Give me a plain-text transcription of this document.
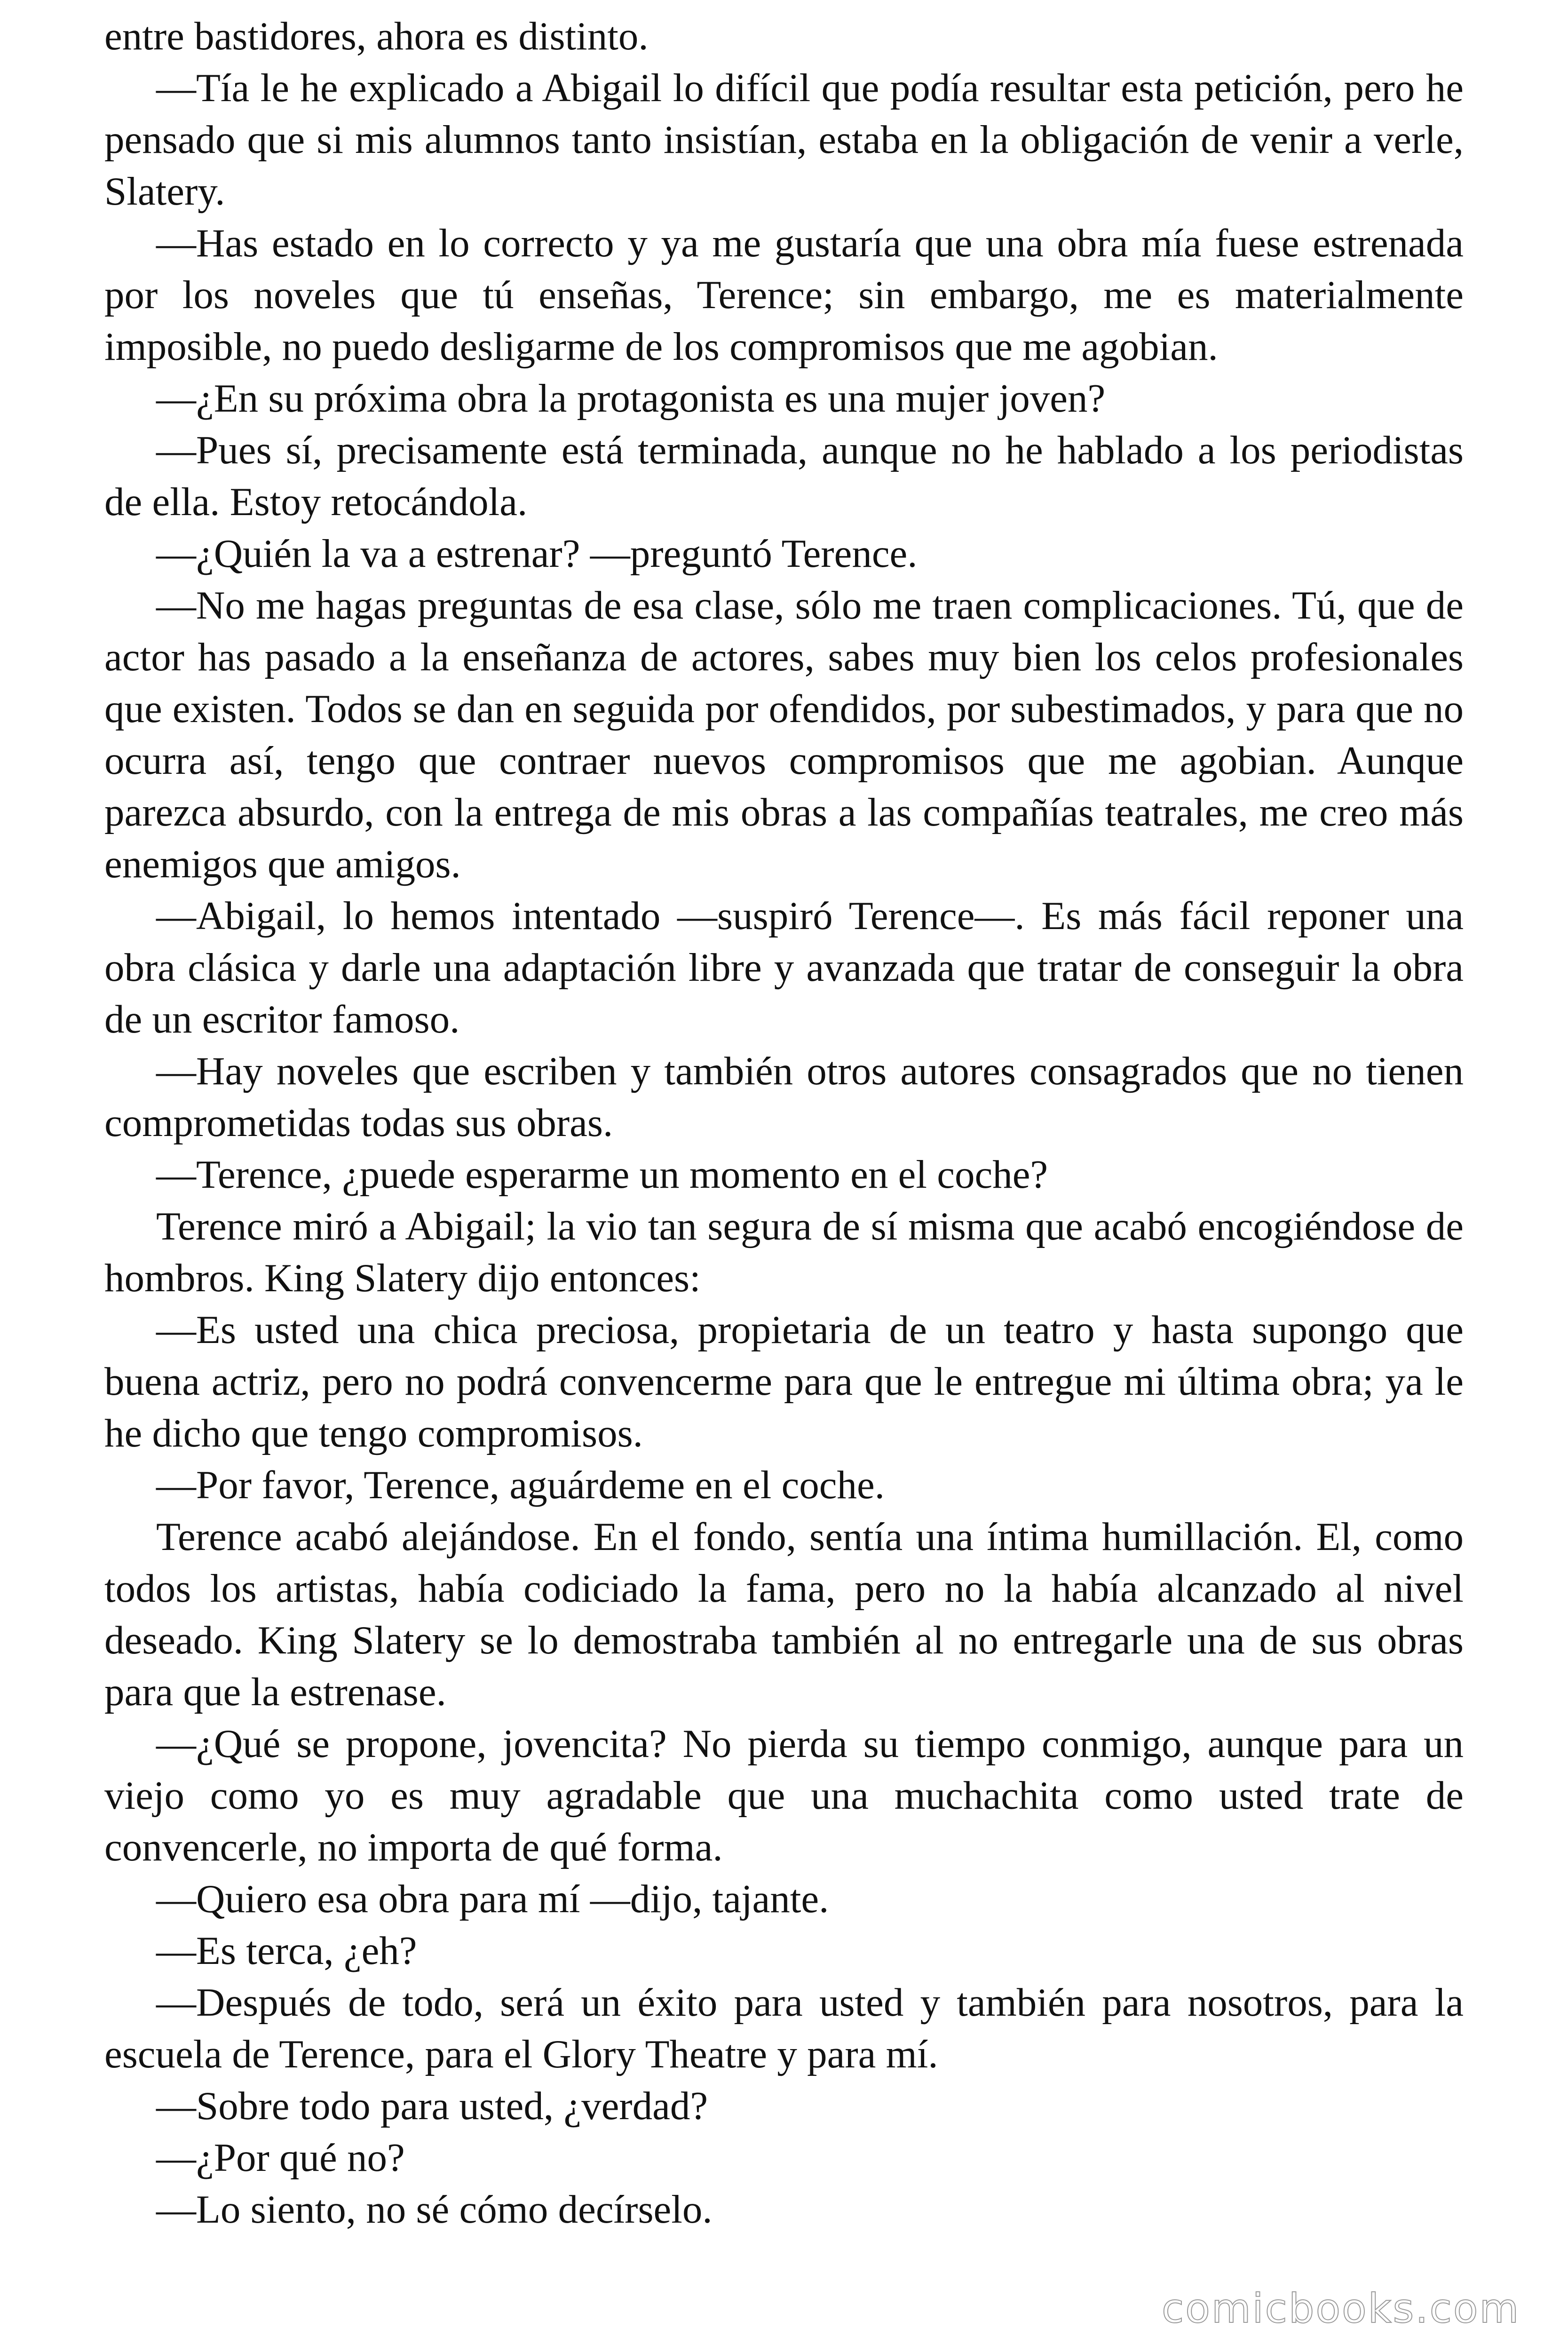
entre bastidores, ahora es distinto.

—Tía le he explicado a Abigail lo difícil que podía resultar esta petición, pero he pensado que si mis alumnos tanto insistían, estaba en la obligación de venir a verle, Slatery.

—Has estado en lo correcto y ya me gustaría que una obra mía fuese estrenada por los noveles que tú enseñas, Terence; sin embargo, me es materialmente imposible, no puedo desligarme de los compromisos que me agobian.

—¿En su próxima obra la protagonista es una mujer joven?

—Pues sí, precisamente está terminada, aunque no he hablado a los periodistas de ella. Estoy retocándola.

—¿Quién la va a estrenar? —preguntó Terence.

—No me hagas preguntas de esa clase, sólo me traen complicaciones. Tú, que de actor has pasado a la enseñanza de actores, sabes muy bien los celos profesionales que existen. Todos se dan en seguida por ofendidos, por subestimados, y para que no ocurra así, tengo que contraer nuevos compromisos que me agobian. Aunque parezca absurdo, con la entrega de mis obras a las compañías teatrales, me creo más enemigos que amigos.

—Abigail, lo hemos intentado —suspiró Terence—. Es más fácil reponer una obra clásica y darle una adaptación libre y avanzada que tratar de conseguir la obra de un escritor famoso.

—Hay noveles que escriben y también otros autores consagrados que no tienen comprometidas todas sus obras.

—Terence, ¿puede esperarme un momento en el coche?

Terence miró a Abigail; la vio tan segura de sí misma que acabó encogiéndose de hombros. King Slatery dijo entonces:

—Es usted una chica preciosa, propietaria de un teatro y hasta supongo que buena actriz, pero no podrá convencerme para que le entregue mi última obra; ya le he dicho que tengo compromisos.

—Por favor, Terence, aguárdeme en el coche.

Terence acabó alejándose. En el fondo, sentía una íntima humillación. El, como todos los artistas, había codiciado la fama, pero no la había alcanzado al nivel deseado. King Slatery se lo demostraba también al no entregarle una de sus obras para que la estrenase.

—¿Qué se propone, jovencita? No pierda su tiempo conmigo, aunque para un viejo como yo es muy agradable que una muchachita como usted trate de convencerle, no importa de qué forma.

—Quiero esa obra para mí —dijo, tajante.

—Es terca, ¿eh?

—Después de todo, será un éxito para usted y también para nosotros, para la escuela de Terence, para el Glory Theatre y para mí.

—Sobre todo para usted, ¿verdad?

—¿Por qué no?

—Lo siento, no sé cómo decírselo.

comicbooks.com
